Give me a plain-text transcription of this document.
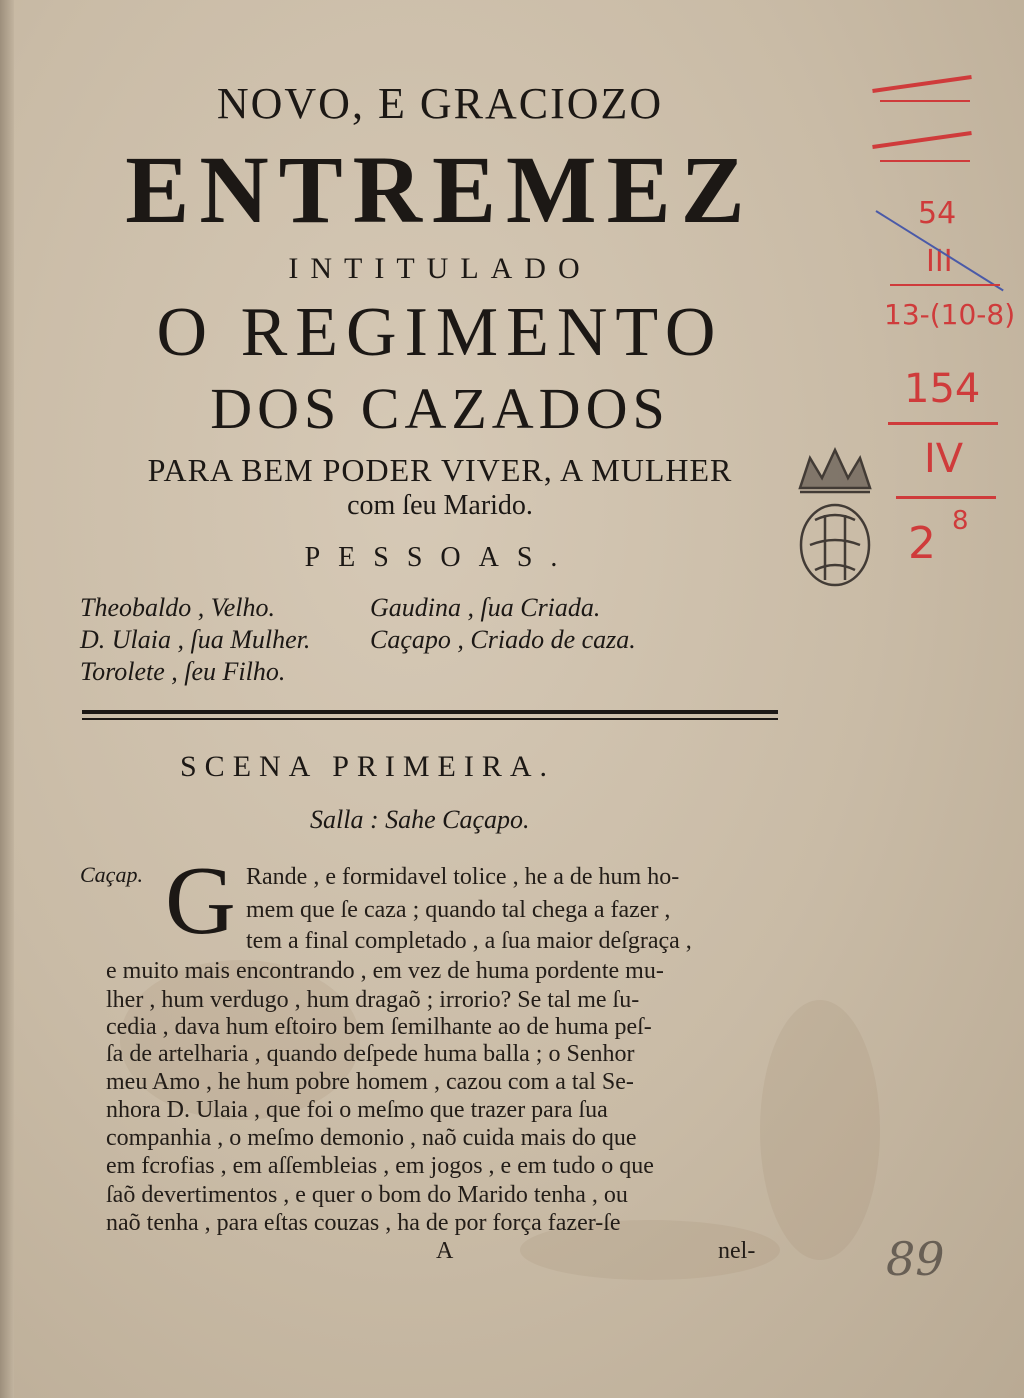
NOVO, E GRACIOZO
ENTREMEZ
INTITULADO
O REGIMENTO
DOS CAZADOS
PARA BEM PODER VIVER, A MULHER
com ſeu Marido.
PESSOAS.
Theobaldo , Velho.
D. Ulaia , ſua Mulher.
Torolete , ſeu Filho.
Gaudina , ſua Criada.
Caçapo , Criado de caza.
SCENA PRIMEIRA.
Salla : Sahe Caçapo.
Caçap. G Rande , e formidavel tolice , he a de hum ho-
mem que ſe caza ; quando tal chega a fazer ,
tem a final completado , a ſua maior deſgraça ,
e muito mais encontrando , em vez de huma pordente mu-
lher , hum verdugo , hum dragaõ ; irrorio? Se tal me ſu-
cedia , dava hum eſtoiro bem ſemilhante ao de huma peſ-
ſa de artelharia , quando deſpede huma balla ; o Senhor
meu Amo , he hum pobre homem , cazou com a tal Se-
nhora D. Ulaia , que foi o meſmo que trazer para ſua
companhia , o meſmo demonio , naõ cuida mais do que
em fcrofias , em aſſembleias , em jogos , e em tudo o que
ſaõ devertimentos , e quer o bom do Marido tenha , ou
naõ tenha , para eſtas couzas , ha de por força fazer-ſe
A	nel-
54
III
13-(10-8)
154
IV
2 8
89
